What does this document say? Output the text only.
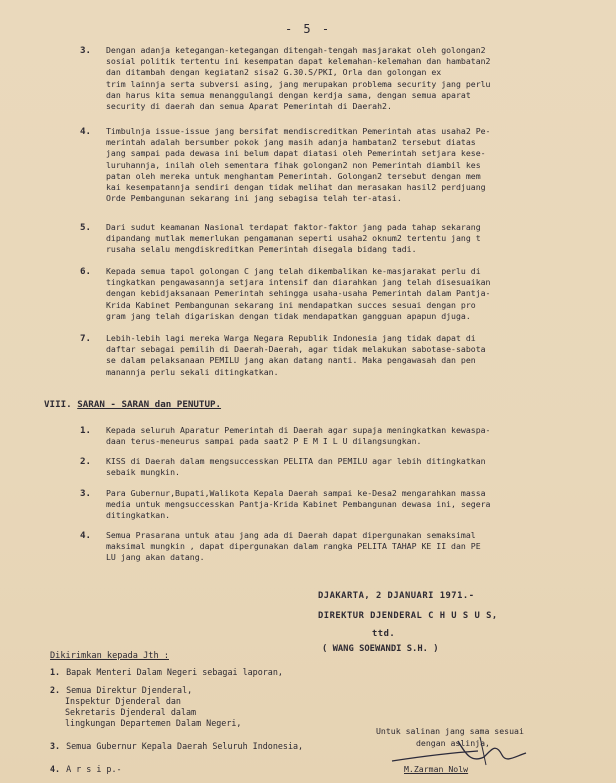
- 5 -
3. Dengan adanja ketegangan-ketegangan ditengah-tengah masjarakat oleh golongan2
sosial politik tertentu ini kesempatan dapat kelemahan-kelemahan dan hambatan2
dan ditambah dengan kegiatan2 sisa2 G.30.S/PKI, Orla dan golongan ex
trim lainnja serta subversi asing, jang merupakan problema security jang perlu
dan harus kita semua menanggulangi dengan kerdja sama, dengan semua aparat
security di daerah dan semua Aparat Pemerintah di Daerah2.
4. Timbulnja issue-issue jang bersifat mendiscreditkan Pemerintah atas usaha2 Pe-
merintah adalah bersumber pokok jang masih adanja hambatan2 tersebut diatas
jang sampai pada dewasa ini belum dapat diatasi oleh Pemerintah setjara kese-
luruhannja, inilah oleh sementara fihak golongan2 non Pemerintah diambil kes
patan oleh mereka untuk menghantam Pemerintah. Golongan2 tersebut dengan mem
kai kesempatannja sendiri dengan tidak melihat dan merasakan hasil2 perdjuang
Orde Pembangunan sekarang ini jang sebagisa telah ter-atasi.
5. Dari sudut keamanan Nasional terdapat faktor-faktor jang pada tahap sekarang
dipandang mutlak memerlukan pengamanan seperti usaha2 oknum2 tertentu jang t
rusaha selalu mengdiskreditkan Pemerintah disegala bidang tadi.
6. Kepada semua tapol golongan C jang telah dikembalikan ke-masjarakat perlu di
tingkatkan pengawasannja setjara intensif dan diarahkan jang telah disesuaikan
dengan kebidjaksanaan Pemerintah sehingga usaha-usaha Pemerintah dalam Pantja-
Krida Kabinet Pembangunan sekarang ini mendapatkan succes sesuai dengan pro
gram jang telah digariskan dengan tidak mendapatkan gangguan apapun djuga.
7. Lebih-lebih lagi mereka Warga Negara Republik Indonesia jang tidak dapat di
daftar sebagai pemilih di Daerah-Daerah, agar tidak melakukan sabotase-sabota
se dalam pelaksanaan PEMILU jang akan datang nanti. Maka pengawasah dan pen
manannja perlu sekali ditingkatkan.
VIII. SARAN - SARAN dan PENUTUP.
1. Kepada seluruh Aparatur Pemerintah di Daerah agar supaja meningkatkan kewaspa-
daan terus-meneurus sampai pada saat2 P E M I L U dilangsungkan.
2. KISS di Daerah dalam mengsuccesskan PELITA dan PEMILU agar lebih ditingkatkan
sebaik mungkin.
3. Para Gubernur,Bupati,Walikota Kepala Daerah sampai ke-Desa2 mengarahkan massa
media untuk mengsuccesskan Pantja-Krida Kabinet Pembangunan dewasa ini, segera
ditingkatkan.
4. Semua Prasarana untuk atau jang ada di Daerah dapat dipergunakan semaksimal
maksimal mungkin , dapat dipergunakan dalam rangka PELITA TAHAP KE II dan PE
LU jang akan datang.
DJAKARTA, 2 DJANUARI 1971.-
DIREKTUR DJENDERAL C H U S U S,
ttd.
( WANG SOEWANDI S.H. )
Dikirimkan kepada Jth :
1. Bapak Menteri Dalam Negeri sebagai laporan,
2. Semua Direktur Djenderal,
Inspektur Djenderal dan
Sekretaris Djenderal dalam
lingkungan Departemen Dalam Negeri,
3. Semua Gubernur Kepala Daerah Seluruh Indonesia,
4. A r s i p.-
Untuk salinan jang sama sesuai
dengan aslinja,
M.Zarman Nolw
